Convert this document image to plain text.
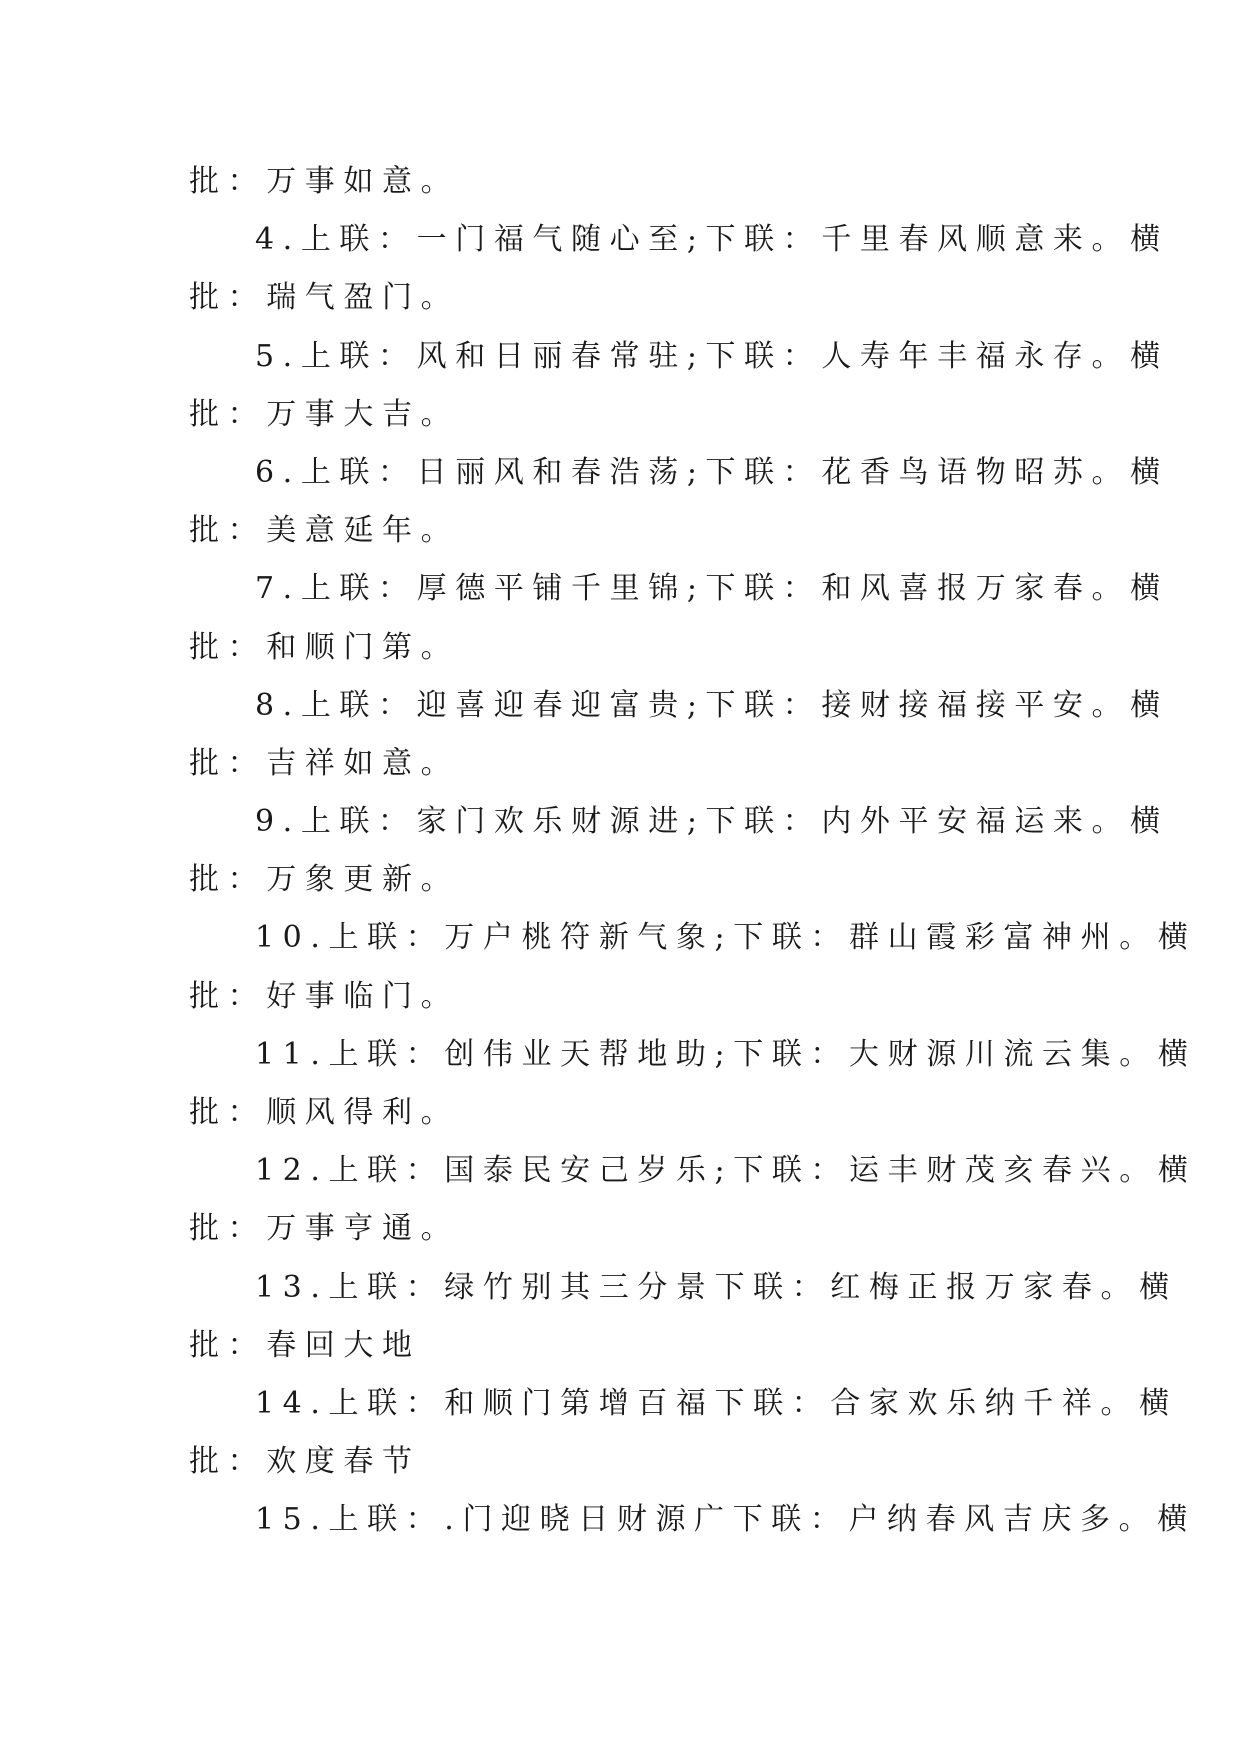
批：万事如意。
4.上联：一门福气随心至;下联：千里春风顺意来。横
批：瑞气盈门。
5.上联：风和日丽春常驻;下联：人寿年丰福永存。横
批：万事大吉。
6.上联：日丽风和春浩荡;下联：花香鸟语物昭苏。横
批：美意延年。
7.上联：厚德平铺千里锦;下联：和风喜报万家春。横
批：和顺门第。
8.上联：迎喜迎春迎富贵;下联：接财接福接平安。横
批：吉祥如意。
9.上联：家门欢乐财源进;下联：内外平安福运来。横
批：万象更新。
10.上联：万户桃符新气象;下联：群山霞彩富神州。横
批：好事临门。
11.上联：创伟业天帮地助;下联：大财源川流云集。横
批：顺风得利。
12.上联：国泰民安己岁乐;下联：运丰财茂亥春兴。横
批：万事亨通。
13.上联：绿竹别其三分景下联：红梅正报万家春。横
批：春回大地
14.上联：和顺门第增百福下联：合家欢乐纳千祥。横
批：欢度春节
15.上联：.门迎晓日财源广下联：户纳春风吉庆多。横
